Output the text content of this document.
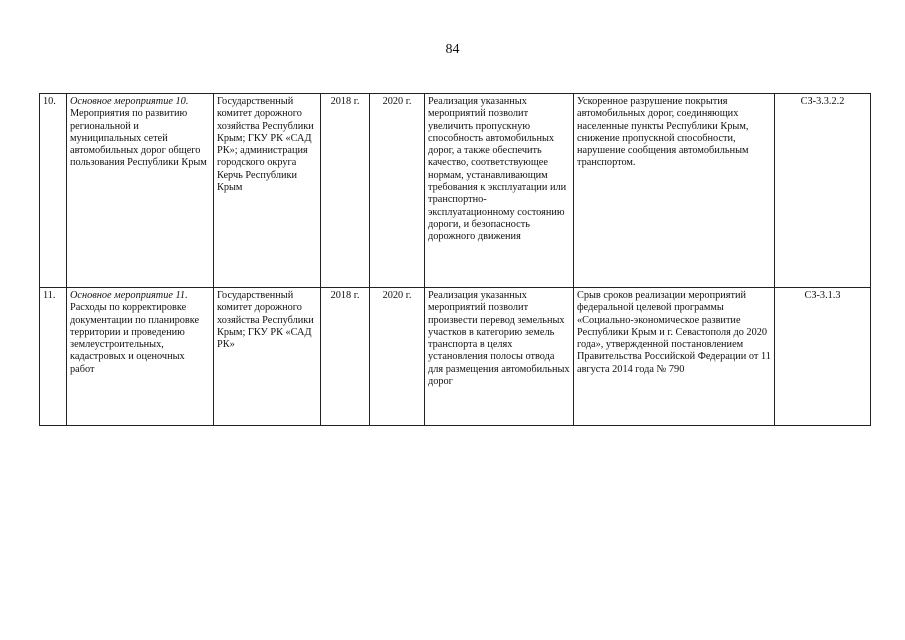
84
10.	Основное мероприятие 10.
Мероприятия по развитию региональной и муниципальных сетей автомобильных дорог общего пользования Республики Крым	Государственный комитет дорожного хозяйства Республики Крым; ГКУ РК «САД РК»; администрация городского округа Керчь Республики Крым	2018 г.	2020 г.	Реализация указанных мероприятий позволит увеличить пропускную способность автомобильных дорог, а также обеспечить качество, соответствующее нормам, устанавливающим требования к эксплуатации или транспортно-эксплуатационному состоянию дороги, и безопасность дорожного движения	Ускоренное разрушение покрытия автомобильных дорог, соединяющих населенные пункты Республики Крым, снижение пропускной способности, нарушение сообщения автомобильным транспортом.	СЗ-3.3.2.2
11.	Основное мероприятие 11. Расходы по корректировке документации по планировке территории и проведению землеустроительных, кадастровых и оценочных работ	Государственный комитет дорожного хозяйства Республики Крым; ГКУ РК «САД РК»	2018 г.	2020 г.	Реализация указанных мероприятий позволит произвести перевод земельных участков в категорию земель транспорта в целях установления полосы отвода для размещения автомобильных дорог	Срыв сроков реализации мероприятий федеральной целевой программы «Социально-экономическое развитие Республики Крым и г. Севастополя до 2020 года», утвержденной постановлением Правительства Российской Федерации от 11 августа 2014 года № 790	СЗ-3.1.3
